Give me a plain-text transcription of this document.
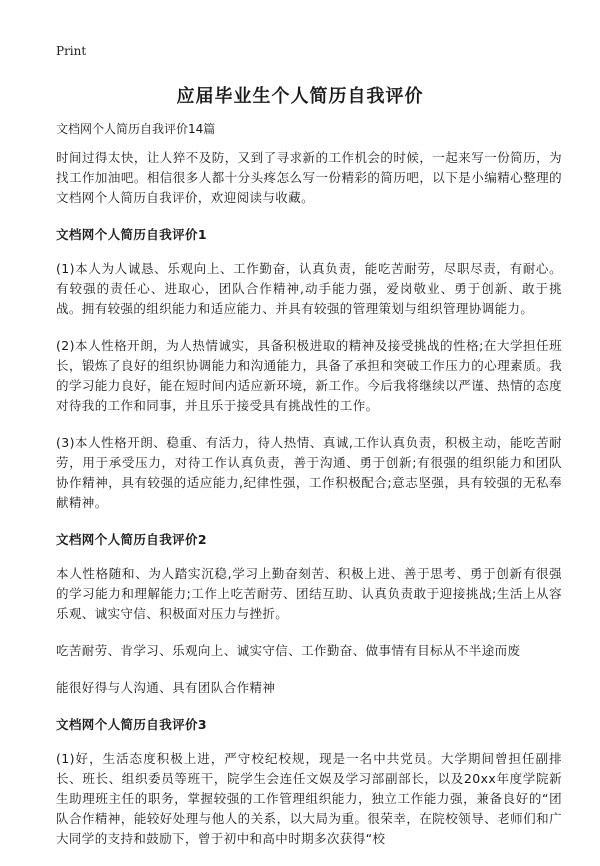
Print
应届毕业生个人简历自我评价
文档网个人简历自我评价14篇

时间过得太快，让人猝不及防，又到了寻求新的工作机会的时候，一起来写一份简历，为找工作加油吧。相信很多人都十分头疼怎么写一份精彩的简历吧，以下是小编精心整理的文档网个人简历自我评价，欢迎阅读与收藏。

文档网个人简历自我评价1

(1)本人为人诚恳、乐观向上、工作勤奋，认真负责，能吃苦耐劳，尽职尽责，有耐心。有较强的责任心、进取心，团队合作精神,动手能力强，爱岗敬业、勇于创新、敢于挑战。拥有较强的组织能力和适应能力、并具有较强的管理策划与组织管理协调能力。

(2)本人性格开朗，为人热情诚实，具备积极进取的精神及接受挑战的性格;在大学担任班长，锻炼了良好的组织协调能力和沟通能力，具备了承担和突破工作压力的心理素质。我的学习能力良好，能在短时间内适应新环境，新工作。今后我将继续以严谨、热情的态度对待我的工作和同事，并且乐于接受具有挑战性的工作。

(3)本人性格开朗、稳重、有活力，待人热情、真诚,工作认真负责，积极主动，能吃苦耐劳，用于承受压力，对待工作认真负责，善于沟通、勇于创新;有很强的组织能力和团队协作精神，具有较强的适应能力,纪律性强，工作积极配合;意志坚强，具有较强的无私奉献精神。

文档网个人简历自我评价2

本人性格随和、为人踏实沉稳,学习上勤奋刻苦、积极上进、善于思考、勇于创新有很强的学习能力和理解能力;工作上吃苦耐劳、团结互助、认真负责敢于迎接挑战;生活上从容乐观、诚实守信、积极面对压力与挫折。

吃苦耐劳、肯学习、乐观向上、诚实守信、工作勤奋、做事情有目标从不半途而废

能很好得与人沟通、具有团队合作精神

文档网个人简历自我评价3

(1)好，生活态度积极上进，严守校纪校规，现是一名中共党员。大学期间曾担任副排长、班长、组织委员等班干，院学生会连任文娱及学习部副部长，以及20xx年度学院新生助理班主任的职务，掌握较强的工作管理组织能力，独立工作能力强，兼备良好的“团队合作精神，能较好处理与他人的关系，以大局为重。很荣幸，在院校领导、老师们和广大同学的支持和鼓励下，曾于初中和高中时期多次获得“校
